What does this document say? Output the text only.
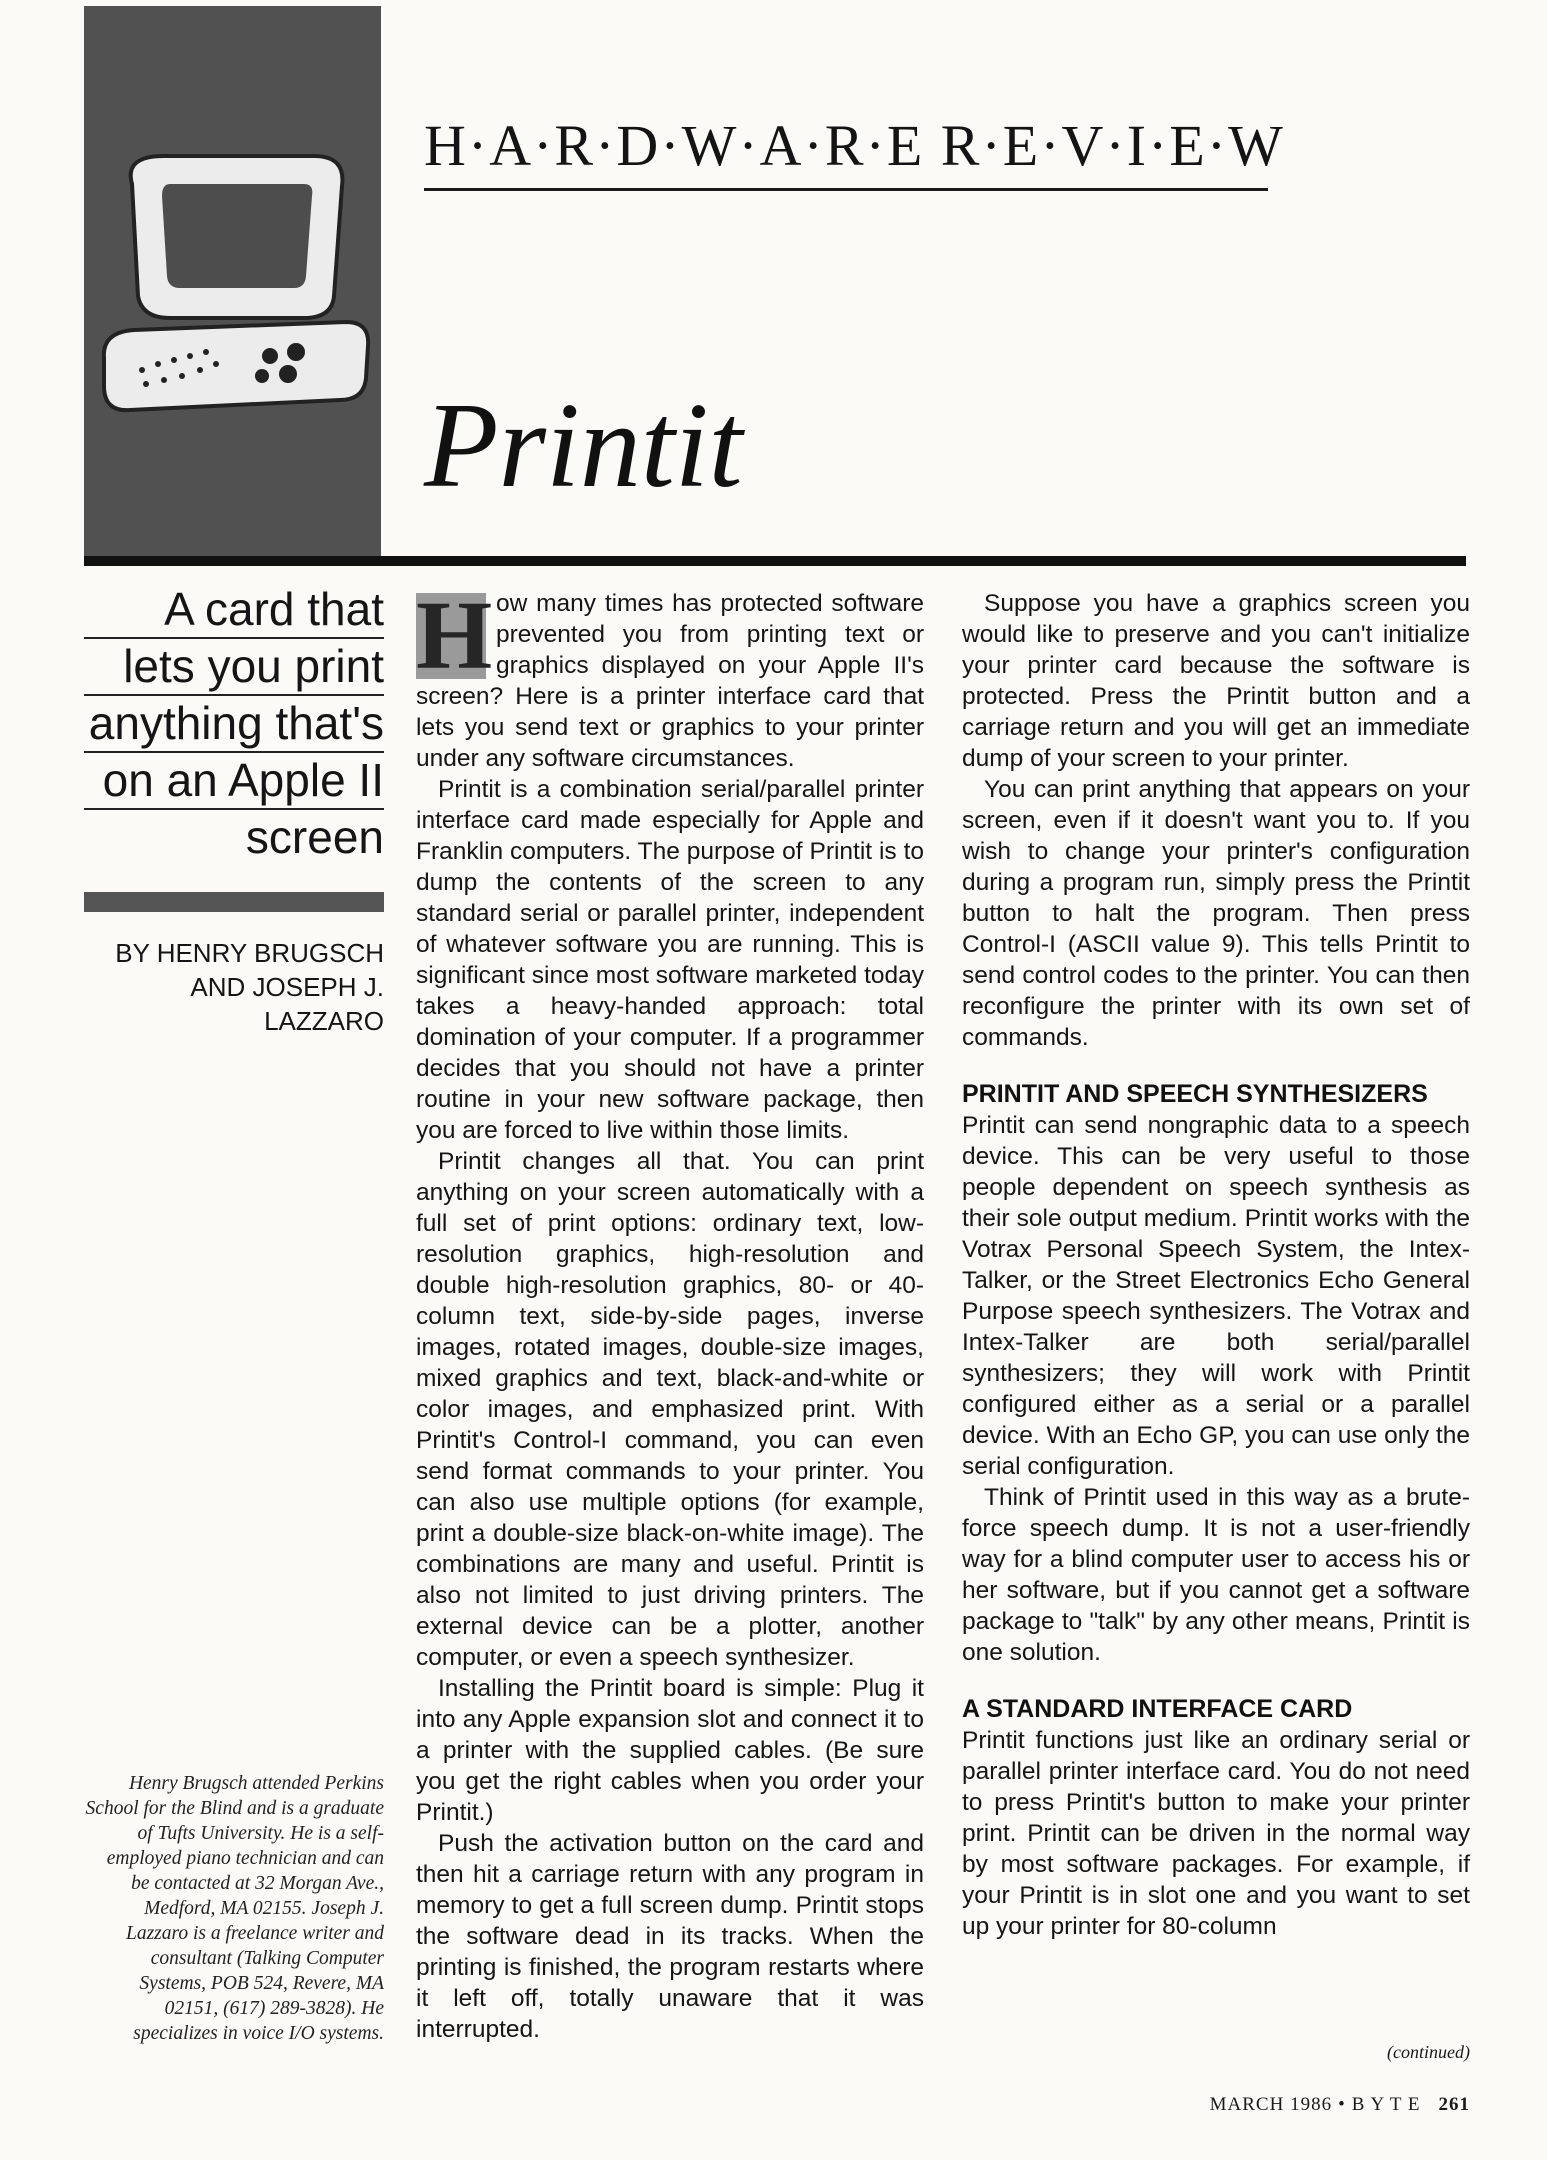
H·A·R·D·W·A·R·E R·E·V·I·E·W
Printit
A card that
lets you print
anything that's
on an Apple II
screen
BY HENRY BRUGSCH
AND JOSEPH J. LAZZARO
Henry Brugsch attended Perkins School for the Blind and is a graduate of Tufts University. He is a self-employed piano technician and can be contacted at 32 Morgan Ave., Medford, MA 02155. Joseph J. Lazzaro is a freelance writer and consultant (Talking Computer Systems, POB 524, Revere, MA 02151, (617) 289-3828). He specializes in voice I/O systems.
H ow many times has protected software prevented you from printing text or graphics displayed on your Apple II's screen? Here is a printer interface card that lets you send text or graphics to your printer under any software circumstances.

Printit is a combination serial/parallel printer interface card made especially for Apple and Franklin computers. The purpose of Printit is to dump the contents of the screen to any standard serial or parallel printer, independent of whatever software you are running. This is significant since most software marketed today takes a heavy-handed approach: total domination of your computer. If a programmer decides that you should not have a printer routine in your new software package, then you are forced to live within those limits.

Printit changes all that. You can print anything on your screen automatically with a full set of print options: ordinary text, low-resolution graphics, high-resolution and double high-resolution graphics, 80- or 40-column text, side-by-side pages, inverse images, rotated images, double-size images, mixed graphics and text, black-and-white or color images, and emphasized print. With Printit's Control-I command, you can even send format commands to your printer. You can also use multiple options (for example, print a double-size black-on-white image). The combinations are many and useful. Printit is also not limited to just driving printers. The external device can be a plotter, another computer, or even a speech synthesizer.

Installing the Printit board is simple: Plug it into any Apple expansion slot and connect it to a printer with the supplied cables. (Be sure you get the right cables when you order your Printit.)

Push the activation button on the card and then hit a carriage return with any program in memory to get a full screen dump. Printit stops the software dead in its tracks. When the printing is finished, the program restarts where it left off, totally unaware that it was interrupted.

Suppose you have a graphics screen you would like to preserve and you can't initialize your printer card because the software is protected. Press the Printit button and a carriage return and you will get an immediate dump of your screen to your printer.

You can print anything that appears on your screen, even if it doesn't want you to. If you wish to change your printer's configuration during a program run, simply press the Printit button to halt the program. Then press Control-I (ASCII value 9). This tells Printit to send control codes to the printer. You can then reconfigure the printer with its own set of commands.

PRINTIT AND SPEECH SYNTHESIZERS

Printit can send nongraphic data to a speech device. This can be very useful to those people dependent on speech synthesis as their sole output medium. Printit works with the Votrax Personal Speech System, the Intex-Talker, or the Street Electronics Echo General Purpose speech synthesizers. The Votrax and Intex-Talker are both serial/parallel synthesizers; they will work with Printit configured either as a serial or a parallel device. With an Echo GP, you can use only the serial configuration.

Think of Printit used in this way as a brute-force speech dump. It is not a user-friendly way for a blind computer user to access his or her software, but if you cannot get a software package to "talk" by any other means, Printit is one solution.

A STANDARD INTERFACE CARD

Printit functions just like an ordinary serial or parallel printer interface card. You do not need to press Printit's button to make your printer print. Printit can be driven in the normal way by most software packages. For example, if your Printit is in slot one and you want to set up your printer for 80-column

(continued)
MARCH 1986 • B Y T E 261
